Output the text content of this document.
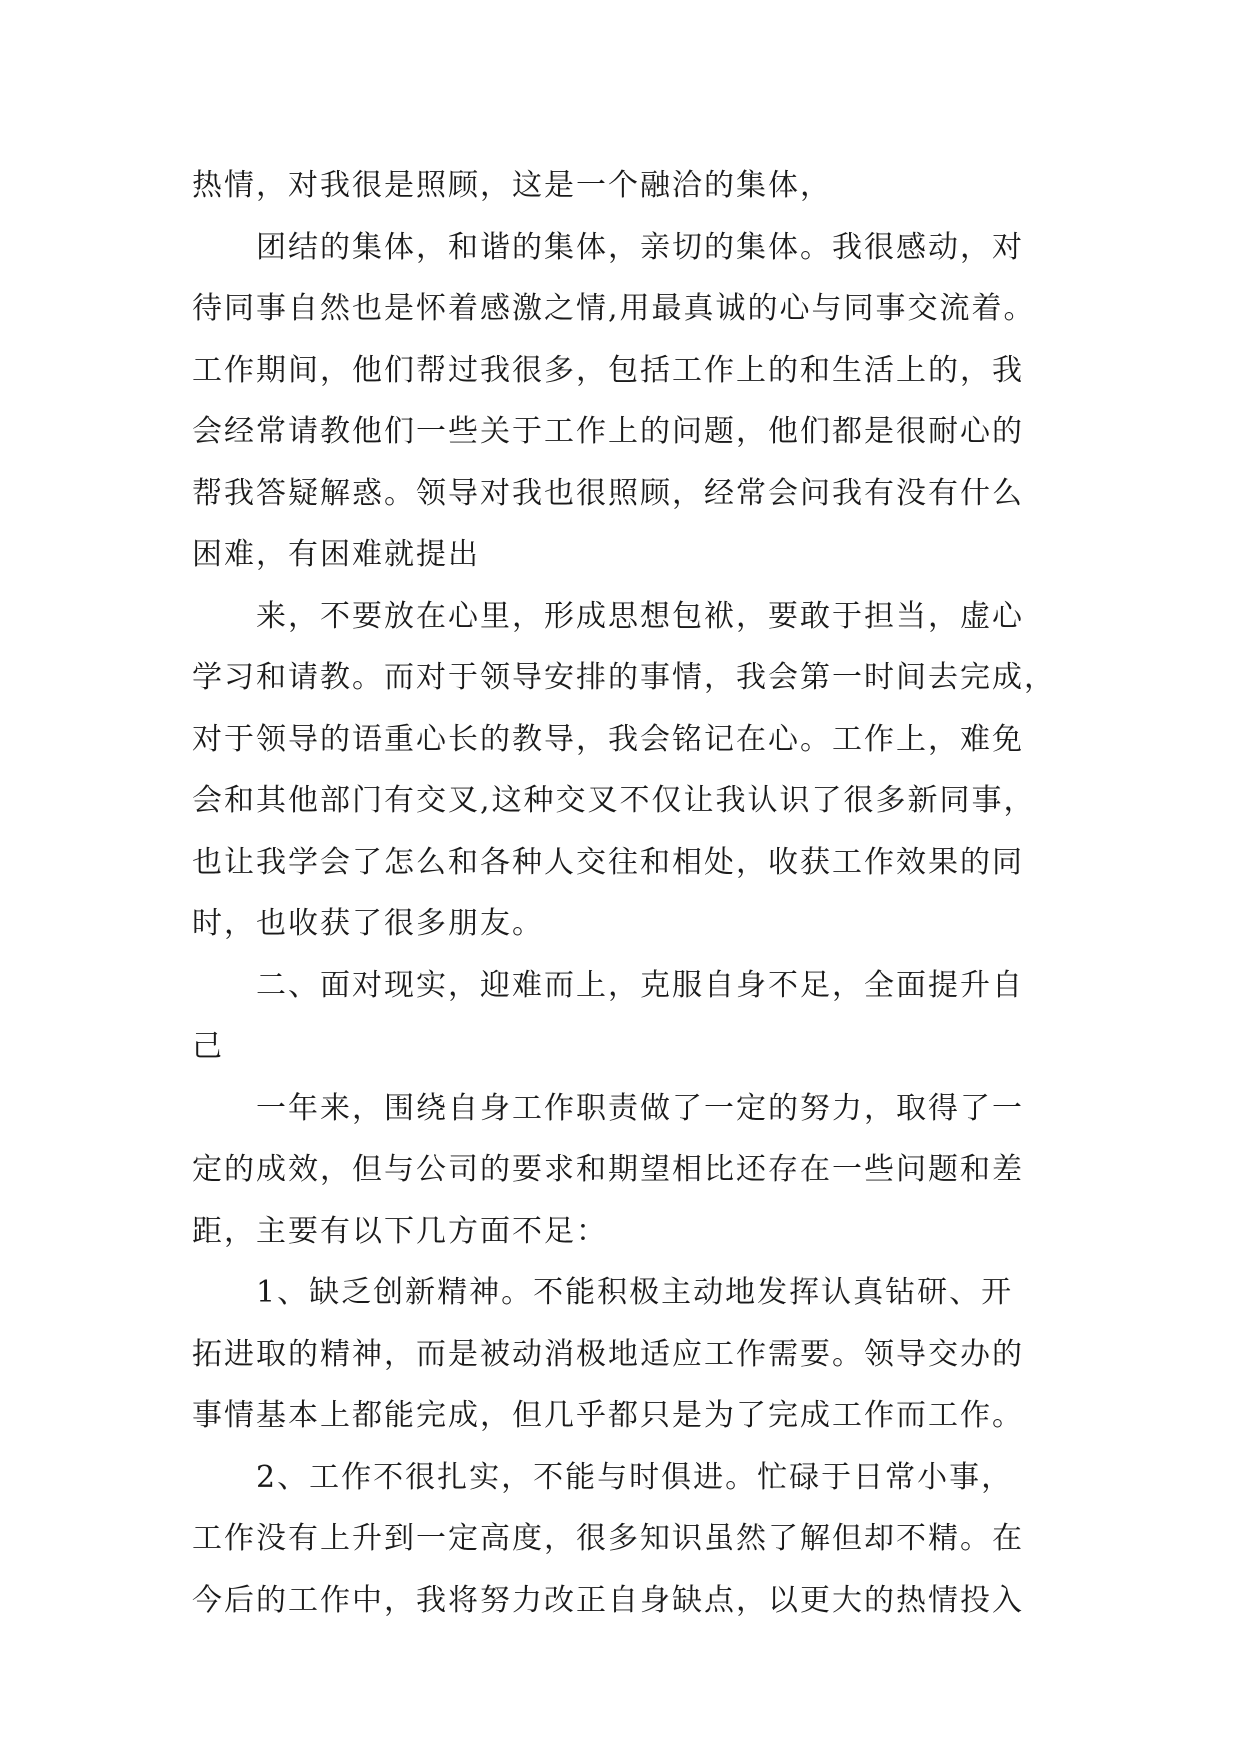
热情，对我很是照顾，这是一个融洽的集体，
团结的集体，和谐的集体，亲切的集体。我很感动，对
待同事自然也是怀着感激之情,用最真诚的心与同事交流着。
工作期间，他们帮过我很多，包括工作上的和生活上的，我
会经常请教他们一些关于工作上的问题，他们都是很耐心的
帮我答疑解惑。领导对我也很照顾，经常会问我有没有什么
困难，有困难就提出
来，不要放在心里，形成思想包袱，要敢于担当，虚心
学习和请教。而对于领导安排的事情，我会第一时间去完成，
对于领导的语重心长的教导，我会铭记在心。工作上，难免
会和其他部门有交叉,这种交叉不仅让我认识了很多新同事，
也让我学会了怎么和各种人交往和相处，收获工作效果的同
时，也收获了很多朋友。
二、面对现实，迎难而上，克服自身不足，全面提升自
己
一年来，围绕自身工作职责做了一定的努力，取得了一
定的成效，但与公司的要求和期望相比还存在一些问题和差
距，主要有以下几方面不足：
1、缺乏创新精神。不能积极主动地发挥认真钻研、开
拓进取的精神，而是被动消极地适应工作需要。领导交办的
事情基本上都能完成，但几乎都只是为了完成工作而工作。
2、工作不很扎实，不能与时俱进。忙碌于日常小事，
工作没有上升到一定高度，很多知识虽然了解但却不精。在
今后的工作中，我将努力改正自身缺点，以更大的热情投入
